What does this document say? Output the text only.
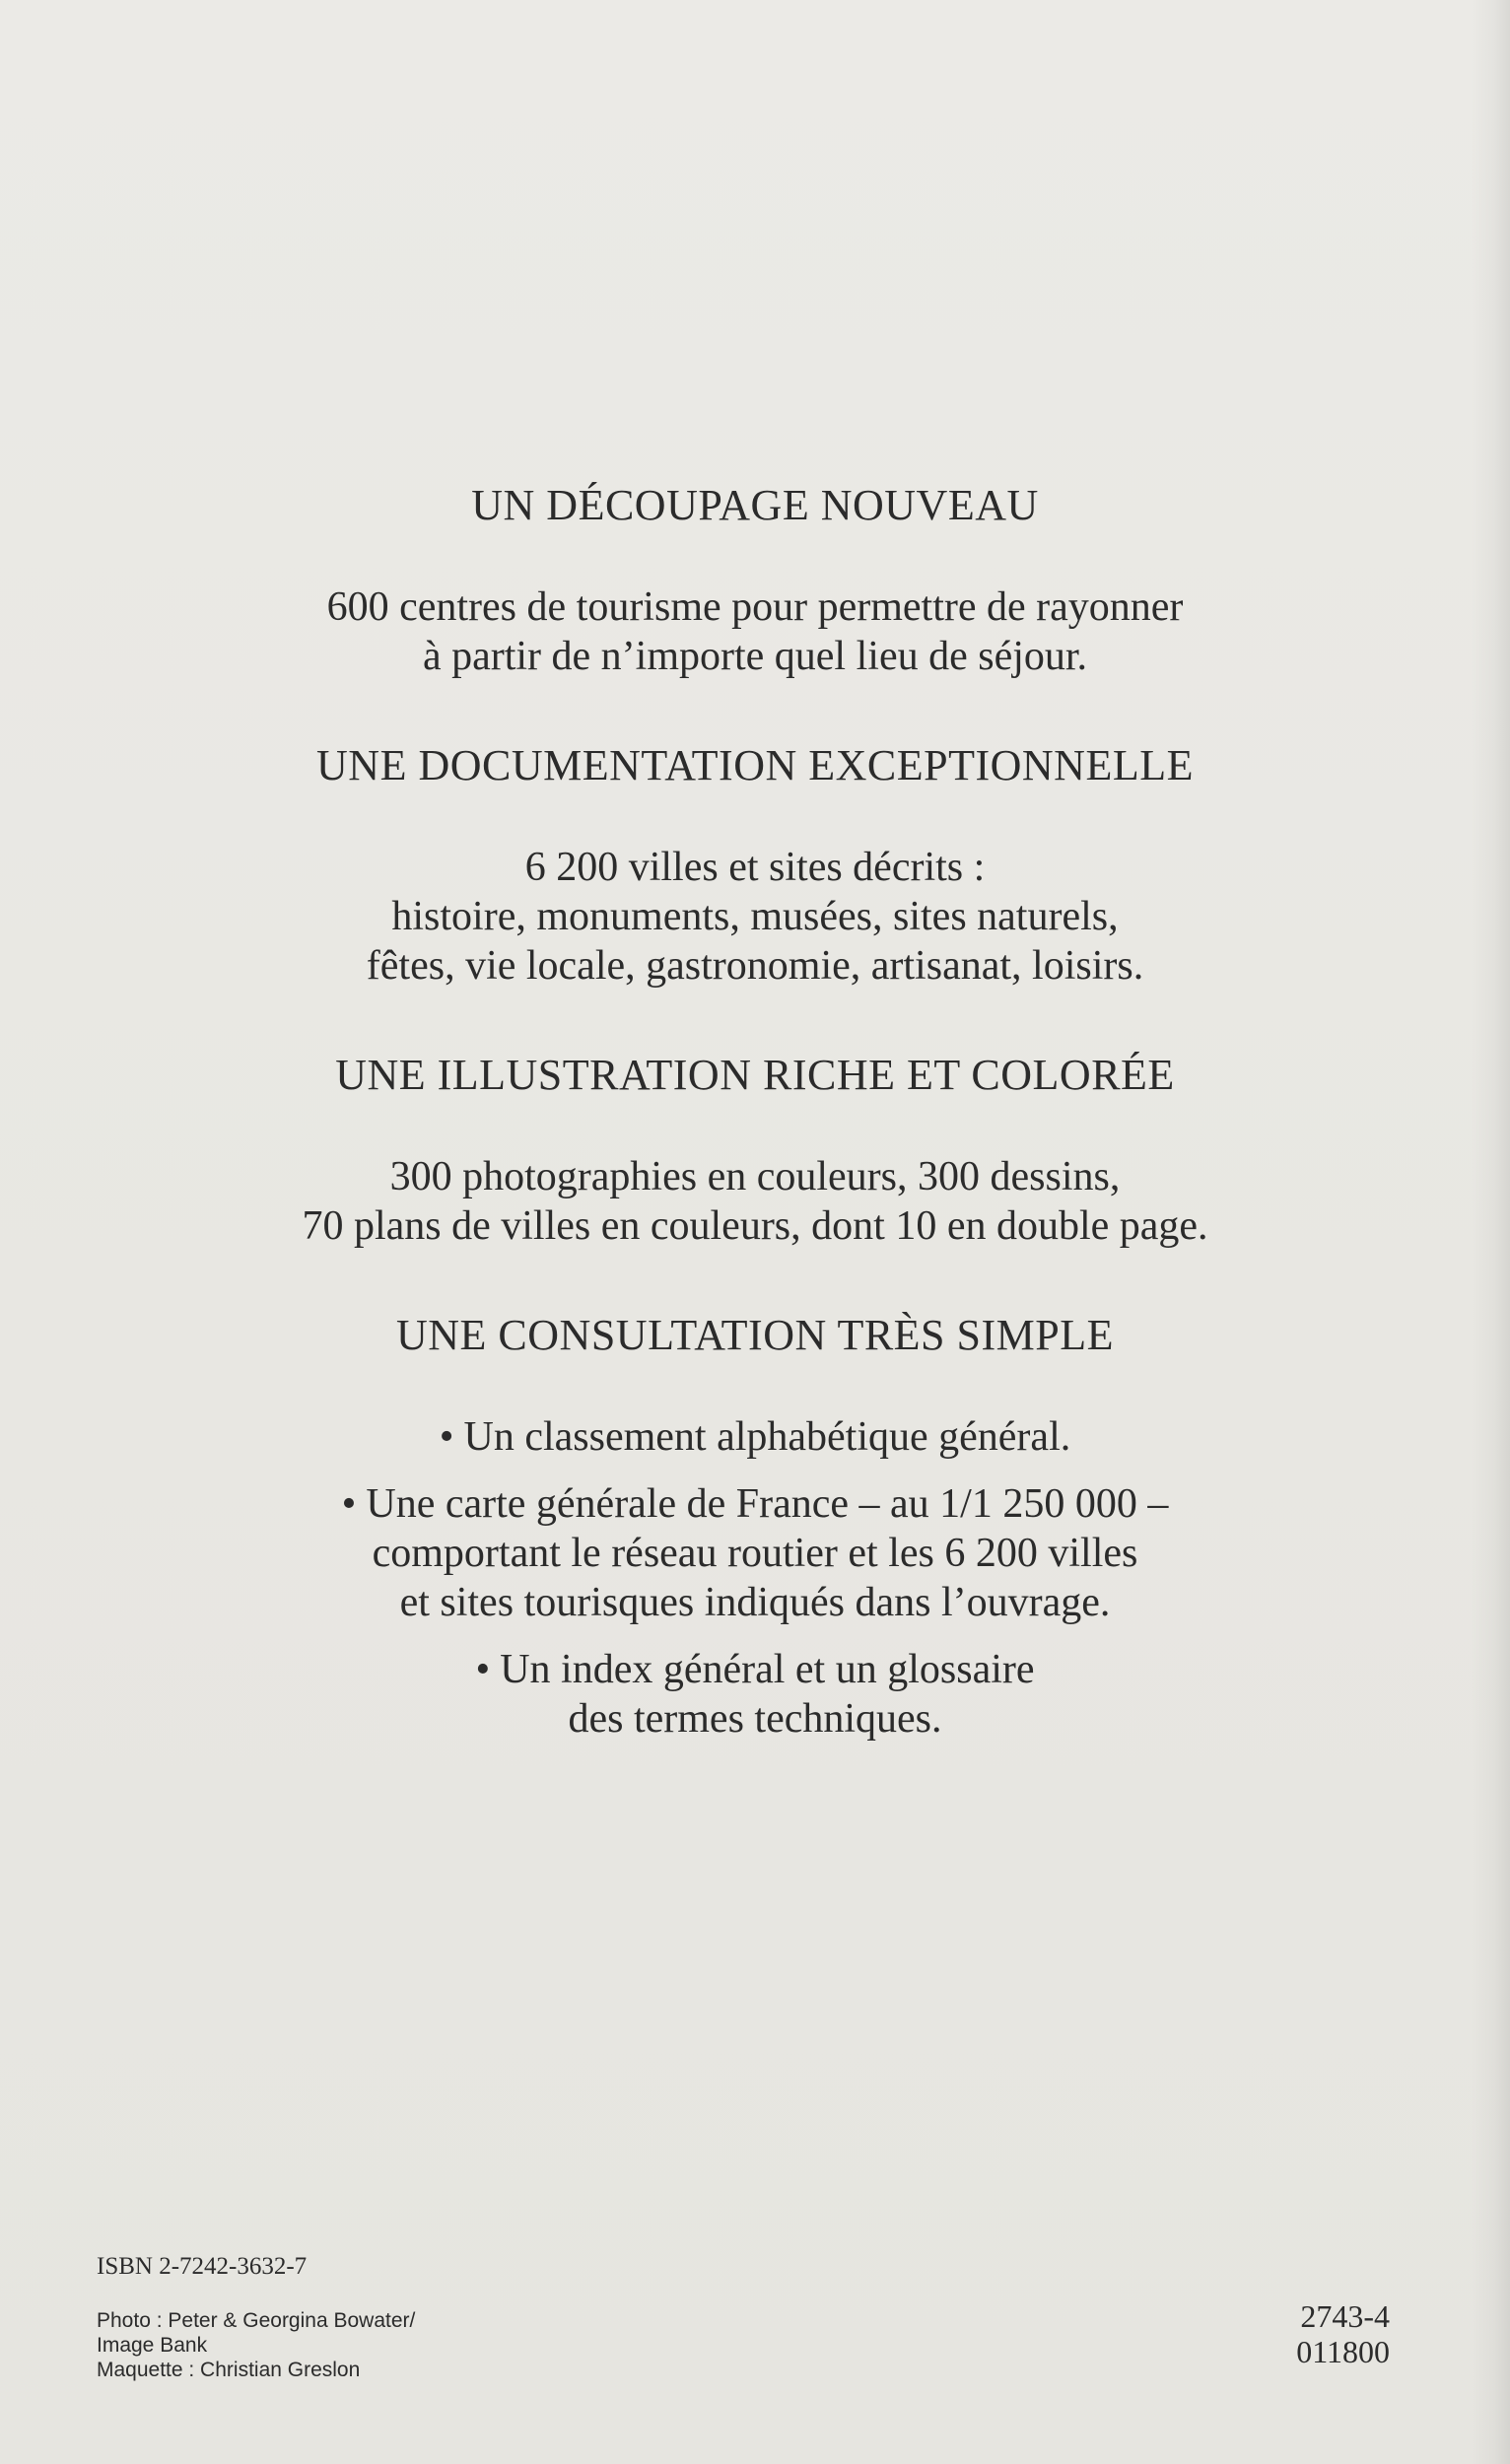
UN DÉCOUPAGE NOUVEAU

600 centres de tourisme pour permettre de rayonner

à partir de n’importe quel lieu de séjour.

UNE DOCUMENTATION EXCEPTIONNELLE

6 200 villes et sites décrits :

histoire, monuments, musées, sites naturels,

fêtes, vie locale, gastronomie, artisanat, loisirs.

UNE ILLUSTRATION RICHE ET COLORÉE

300 photographies en couleurs, 300 dessins,

70 plans de villes en couleurs, dont 10 en double page.

UNE CONSULTATION TRÈS SIMPLE

• Un classement alphabétique général.

• Une carte générale de France – au 1/1 250 000 –

comportant le réseau routier et les 6 200 villes

et sites tourisques indiqués dans l’ouvrage.

• Un index général et un glossaire

des termes techniques.

ISBN 2-7242-3632-7
Photo : Peter & Georgina Bowater/
Image Bank
Maquette : Christian Greslon
2743-4
011800
